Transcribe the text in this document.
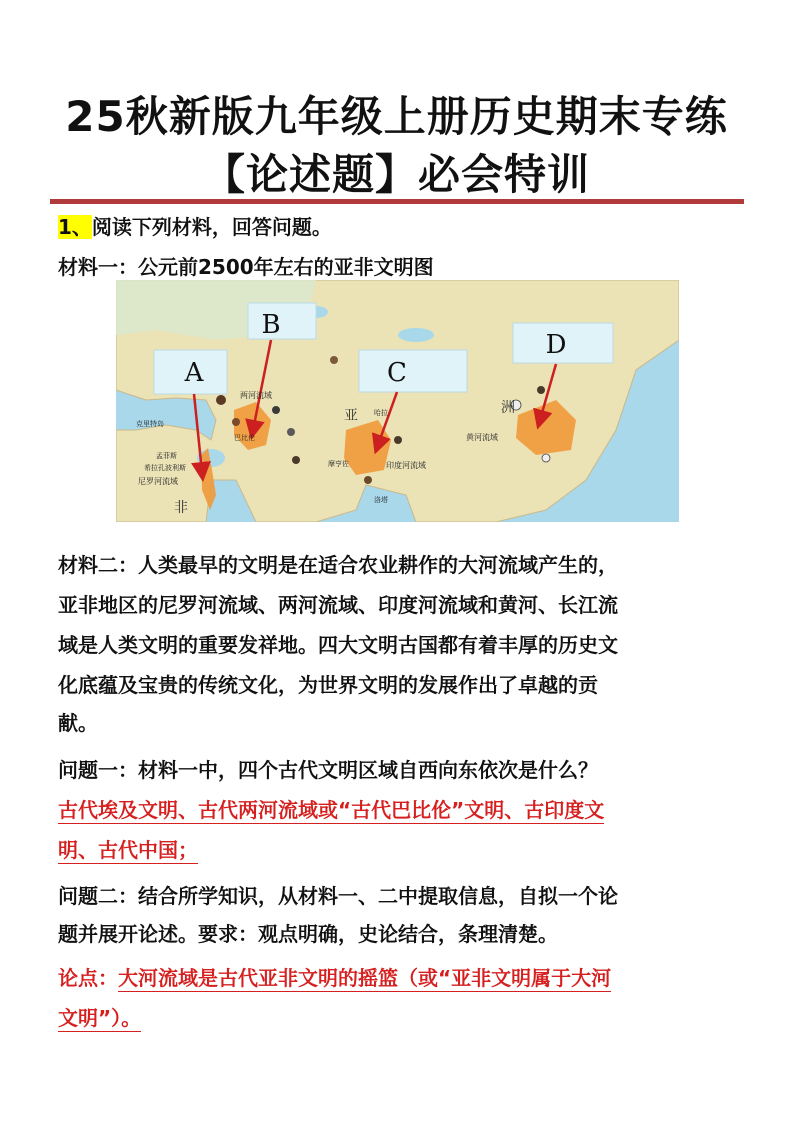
25秋新版九年级上册历史期末专练
【论述题】必会特训
1、阅读下列材料，回答问题。
材料一：公元前2500年左右的亚非文明图
A
B
C
D
两河流域
巴比伦
克里特岛
孟菲斯
希拉孔波利斯
尼罗河流域
印度河流域
摩亨佐
黄河流域
亚	洲
非
哈拉
洛塔
材料二：人类最早的文明是在适合农业耕作的大河流域产生的，
亚非地区的尼罗河流域、两河流域、印度河流域和黄河、长江流
域是人类文明的重要发祥地。四大文明古国都有着丰厚的历史文
化底蕴及宝贵的传统文化，为世界文明的发展作出了卓越的贡
献。
问题一：材料一中，四个古代文明区域自西向东依次是什么？
古代埃及文明、古代两河流域或“古代巴比伦”文明、古印度文
明、古代中国；
问题二：结合所学知识，从材料一、二中提取信息，自拟一个论
题并展开论述。要求：观点明确，史论结合，条理清楚。
论点：大河流域是古代亚非文明的摇篮（或“亚非文明属于大河
文明”）。
